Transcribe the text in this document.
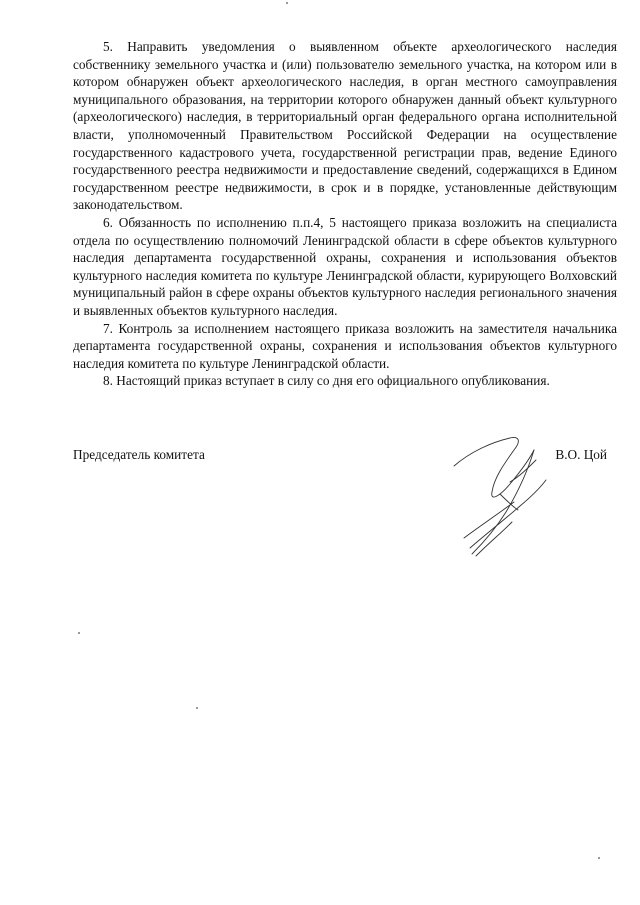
5. Направить уведомления о выявленном объекте археологического наследия собственнику земельного участка и (или) пользователю земельного участка, на котором или в котором обнаружен объект археологического наследия, в орган местного самоуправления муниципального образования, на территории которого обнаружен данный объект культурного (археологического) наследия, в территориальный орган федерального органа исполнительной власти, уполномоченный Правительством Российской Федерации на осуществление государственного кадастрового учета, государственной регистрации прав, ведение Единого государственного реестра недвижимости и предоставление сведений, содержащихся в Едином государственном реестре недвижимости, в срок и в порядке, установленные действующим законодательством.

6. Обязанность по исполнению п.п.4, 5 настоящего приказа возложить на специалиста отдела по осуществлению полномочий Ленинградской области в сфере объектов культурного наследия департамента государственной охраны, сохранения и использования объектов культурного наследия комитета по культуре Ленинградской области, курирующего Волховский муниципальный район в сфере охраны объектов культурного наследия регионального значения и выявленных объектов культурного наследия.

7. Контроль за исполнением настоящего приказа возложить на заместителя начальника департамента государственной охраны, сохранения и использования объектов культурного наследия комитета по культуре Ленинградской области.

8. Настоящий приказ вступает в силу со дня его официального опубликования.

Председатель комитета	В.О. Цой
